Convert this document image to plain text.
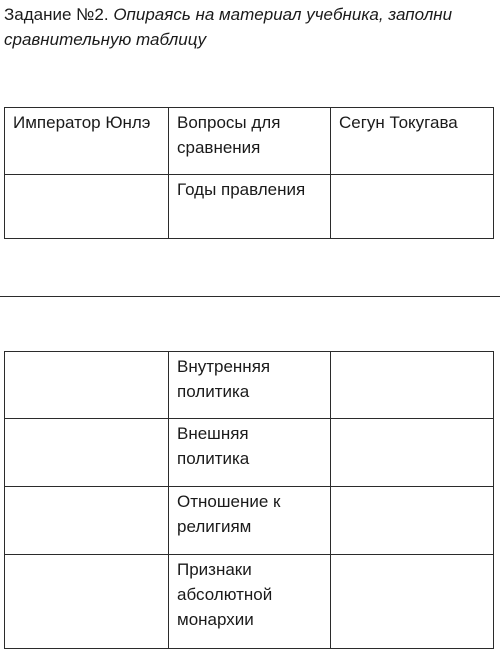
Задание №2. Опираясь на материал учебника, заполни сравнительную таблицу
Император Юнлэ	Вопросы для сравнения	Сегун Токугава
	Годы правления	
	Внутренняя политика	
	Внешняя политика	
	Отношение к религиям	
	Признаки абсолютной монархии	
